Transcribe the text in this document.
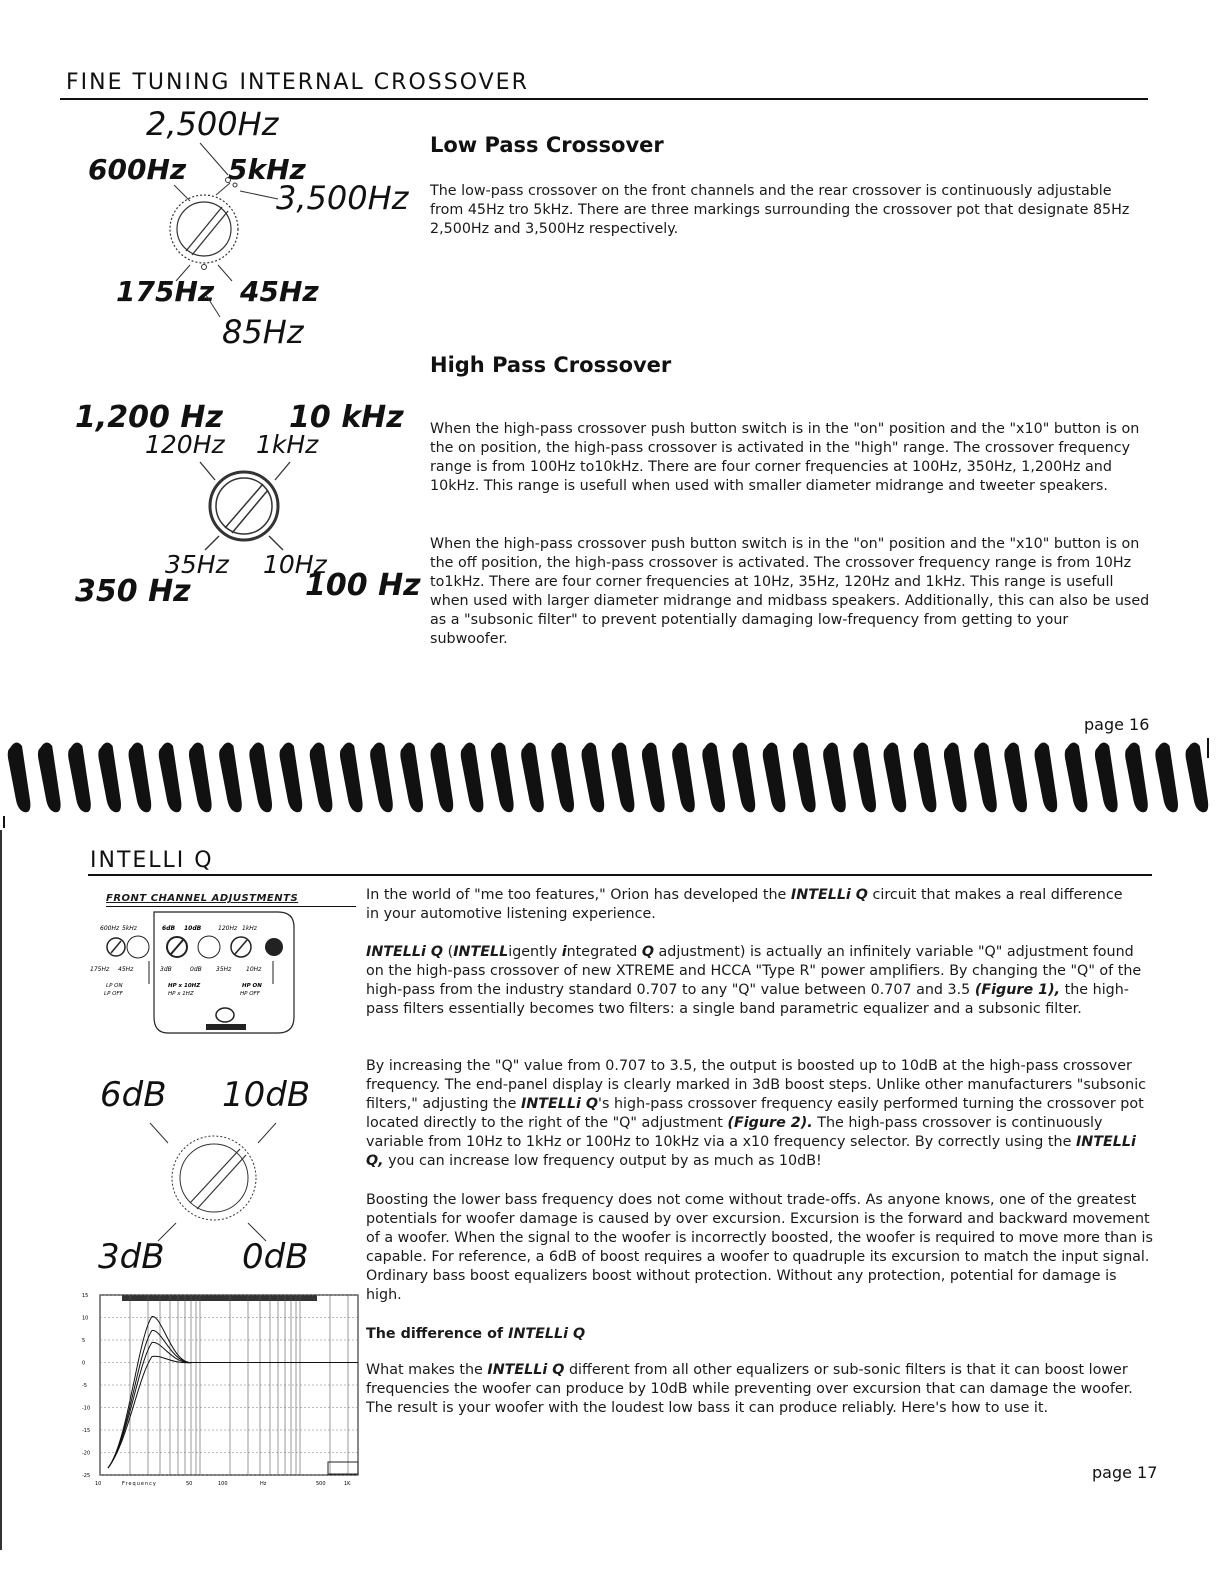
FINE TUNING INTERNAL CROSSOVER
2,500Hz
600Hz 5kHz
3,500Hz
175Hz 45Hz
85Hz
1,200 Hz 10 kHz
120Hz 1kHz
35Hz 10Hz
350 Hz	100 Hz
Low Pass Crossover

The low-pass crossover on the front channels and the rear crossover is continuously adjustable from 45Hz tro 5kHz. There are three markings surrounding the crossover pot that designate 85Hz 2,500Hz and 3,500Hz respectively.

High Pass Crossover

When the high-pass crossover push button switch is in the "on" position and the "x10" button is on the on position, the high-pass crossover is activated in the "high" range. The crossover frequency range is from 100Hz to10kHz. There are four corner frequencies at 100Hz, 350Hz, 1,200Hz and 10kHz. This range is usefull when used with smaller diameter midrange and tweeter speakers.

When the high-pass crossover push button switch is in the "on" position and the "x10" button is on the off position, the high-pass crossover is activated. The crossover frequency range is from 10Hz to1kHz. There are four corner frequencies at 10Hz, 35Hz, 120Hz and 1kHz. This range is usefull when used with larger diameter midrange and midbass speakers. Additionally, this can also be used as a "subsonic filter" to prevent potentially damaging low-frequency from getting to your subwoofer.

page 16
INTELLI Q
FRONT CHANNEL ADJUSTMENTS
600Hz 5kHz
175Hz 45Hz
6dB 10dB
3dB	0dB
120Hz 1kHz
35Hz 10Hz
LP ON
LP OFF
HP x 10HZ
HP x 1HZ
HP ON
HP OFF
6dB 10dB
3dB 0dB
15
10
5
0
-5
-10
-15
-20
-25
10	Frequency	50	100	Hz	500	1K

In the world of "me too features," Orion has developed the INTELLi Q circuit that makes a real difference in your automotive listening experience.

INTELLi Q (INTELLigently integrated Q adjustment) is actually an infinitely variable "Q" adjustment found on the high-pass crossover of new XTREME and HCCA "Type R" power amplifiers. By changing the "Q" of the high-pass from the industry standard 0.707 to any "Q" value between 0.707 and 3.5 (Figure 1), the high-pass filters essentially becomes two filters: a single band parametric equalizer and a subsonic filter.

By increasing the "Q" value from 0.707 to 3.5, the output is boosted up to 10dB at the high-pass crossover frequency. The end-panel display is clearly marked in 3dB boost steps. Unlike other manufacturers "subsonic filters," adjusting the INTELLi Q's high-pass crossover frequency easily performed turning the crossover pot located directly to the right of the "Q" adjustment (Figure 2). The high-pass crossover is continuously variable from 10Hz to 1kHz or 100Hz to 10kHz via a x10 frequency selector. By correctly using the INTELLi Q, you can increase low frequency output by as much as 10dB!

Boosting the lower bass frequency does not come without trade-offs. As anyone knows, one of the greatest potentials for woofer damage is caused by over excursion. Excursion is the forward and backward movement of a woofer. When the signal to the woofer is incorrectly boosted, the woofer is required to move more than is capable. For reference, a 6dB of boost requires a woofer to quadruple its excursion to match the input signal. Ordinary bass boost equalizers boost without protection. Without any protection, potential for damage is high.

The difference of INTELLi Q

What makes the INTELLi Q different from all other equalizers or sub-sonic filters is that it can boost lower frequencies the woofer can produce by 10dB while preventing over excursion that can damage the woofer. The result is your woofer with the loudest low bass it can produce reliably. Here's how to use it.

page 17
